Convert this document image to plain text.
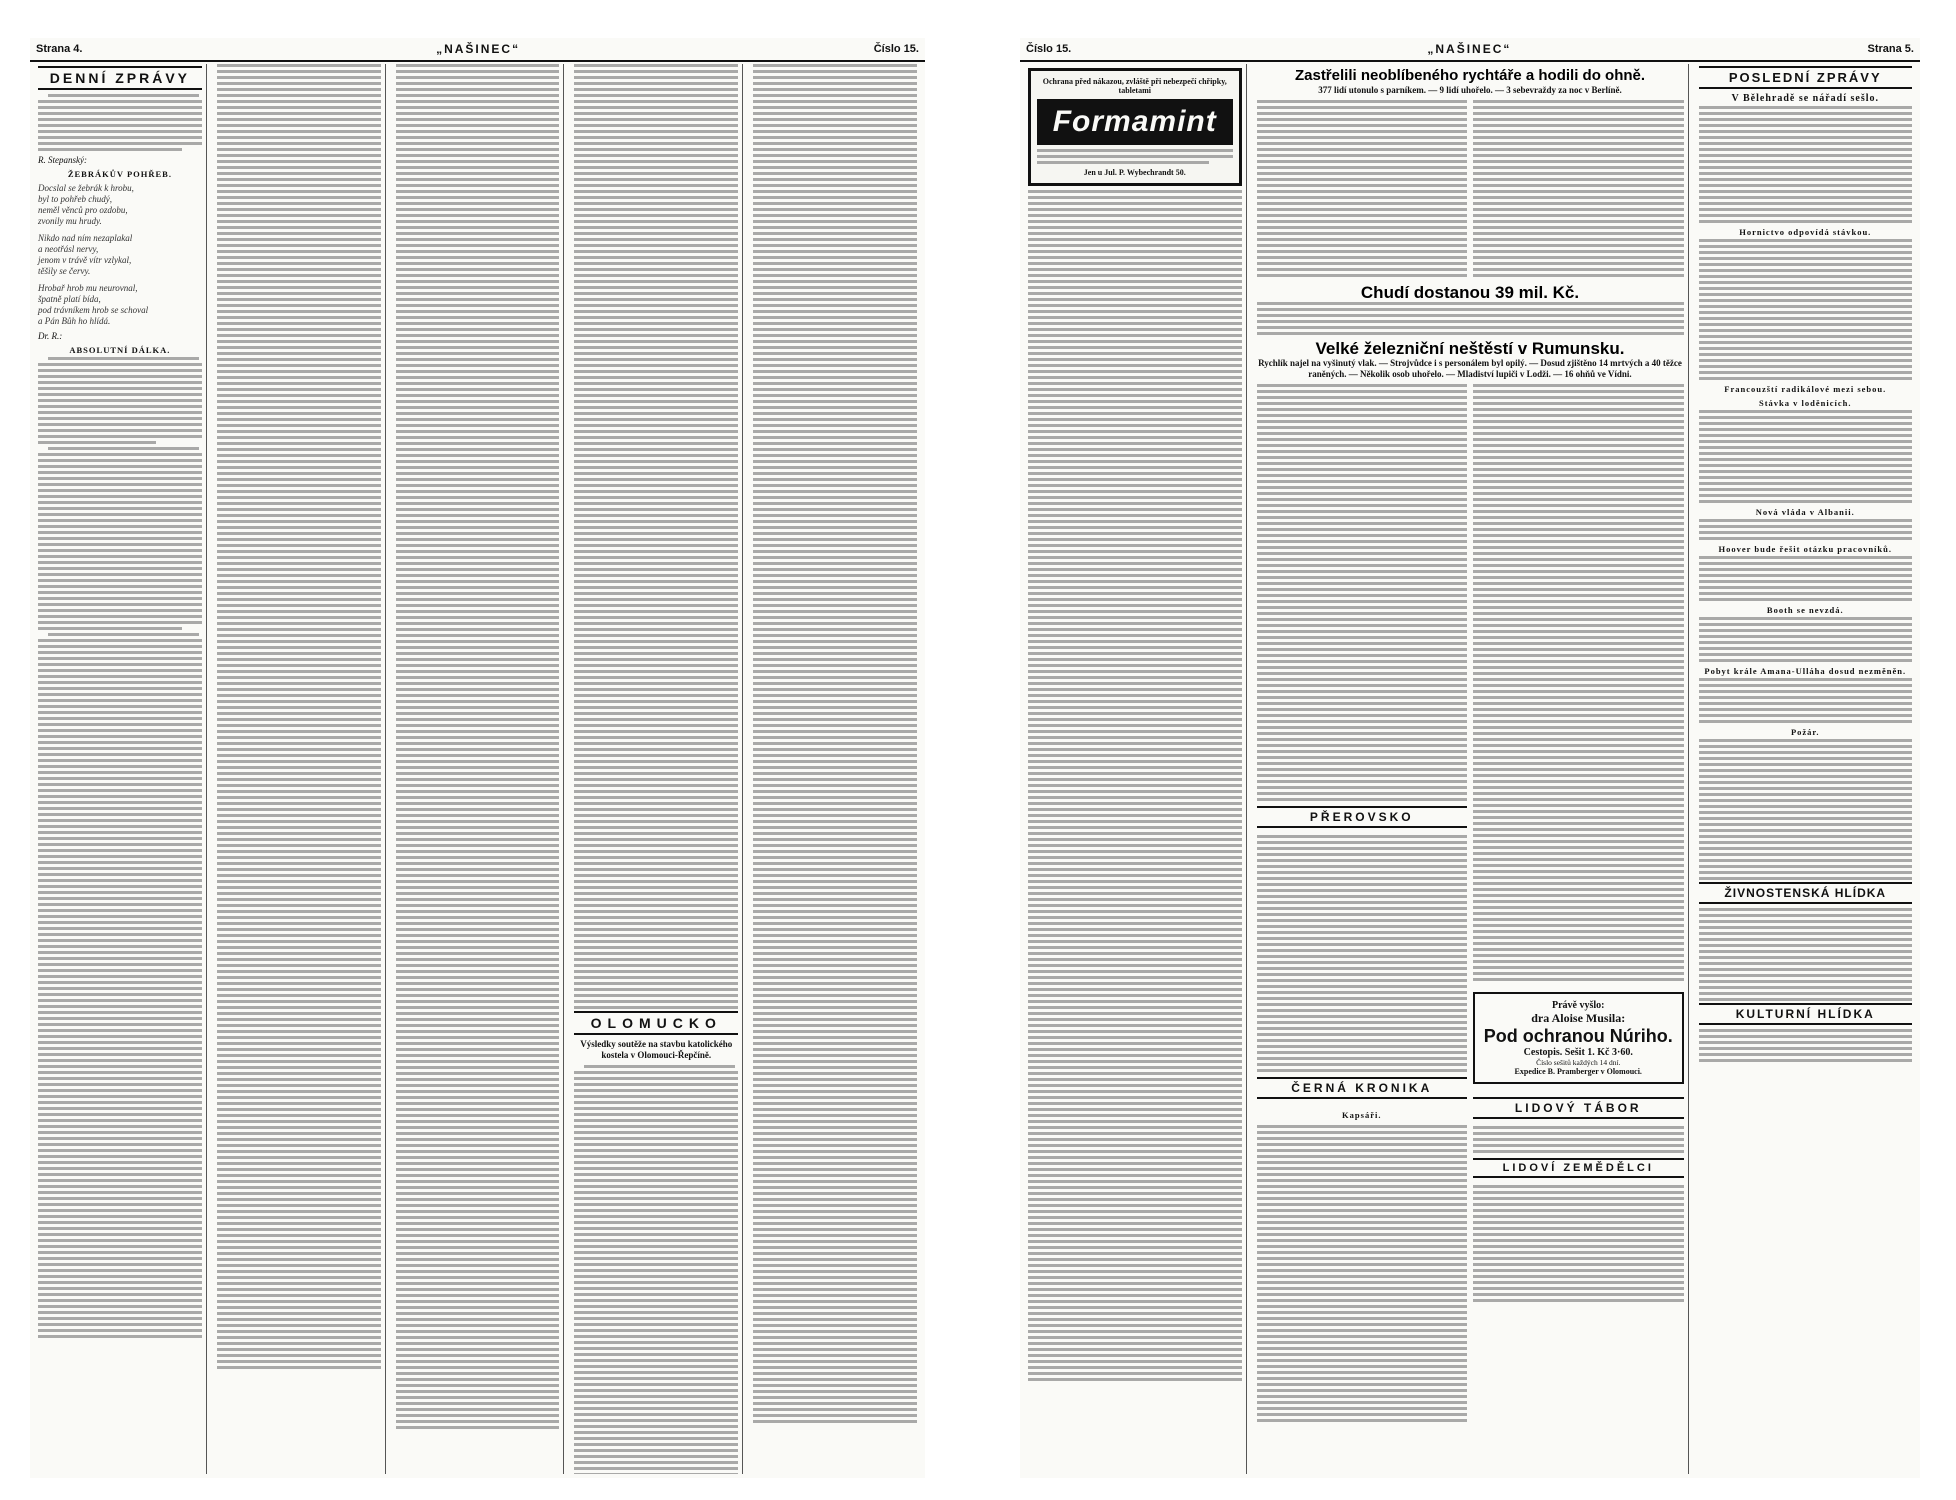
Strana 4.	„NAŠINEC“	Číslo 15.
DENNÍ ZPRÁVY
R. Stepanský:
ŽEBRÁKŮV POHŘEB.
Docslal se žebrák k hrobu,
byl to pohřeb chudý,
neměl věnců pro ozdobu,
zvonily mu hrudy.
Nikdo nad ním nezaplakal
a neotřásl nervy,
jenom v trávě vítr vzlykal,
těšily se červy.
Hrobař hrob mu neurovnal,
špatně platí bída,
pod trávníkem hrob se schoval
a Pán Bůh ho hlídá.
Dr. R.:
ABSOLUTNÍ DÁLKA.
OLOMUCKO
Výsledky soutěže na stavbu katolického kostela v Olomouci-Řepčíně.
Číslo 15.	„NAŠINEC“	Strana 5.
Ochrana před nákazou, zvláště při nebezpečí chřipky, tabletami
Formamint
Jen u Jul. P. Wybechrandt 50.
Zastřelili neoblíbeného rychtáře a hodili do ohně.
377 lidí utonulo s parníkem. — 9 lidí uhořelo. — 3 sebevraždy za noc v Berlíně.
Chudí dostanou 39 mil. Kč.
Velké železniční neštěstí v Rumunsku.
Rychlík najel na vyšinutý vlak. — Strojvůdce i s personálem byl opilý. — Dosud zjištěno 14 mrtvých a 40 těžce raněných. — Několik osob uhořelo. — Mladiství lupiči v Lodži. — 16 ohňů ve Vídni.
PŘEROVSKO
ČERNÁ KRONIKA
Kapsáři.
Právě vyšlo:
dra Aloise Musila:
Pod ochranou Núriho.
Cestopis. Sešit 1. Kč 3·60.
Číslo sešitů každých 14 dní.
Expedice B. Pramberger v Olomouci.
LIDOVÝ TÁBOR
LIDOVÍ ZEMĚDĚLCI
POSLEDNÍ ZPRÁVY
V Bělehradě se nářadí sešlo.
Hornictvo odpovídá stávkou.
Francouzští radikálové mezi sebou.
Stávka v loděnicích.
Nová vláda v Albanii.
Hoover bude řešit otázku pracovníků.
Booth se nevzdá.
Pobyt krále Amana-Ulláha dosud nezměněn.
Požár.
ŽIVNOSTENSKÁ HLÍDKA
KULTURNÍ HLÍDKA
